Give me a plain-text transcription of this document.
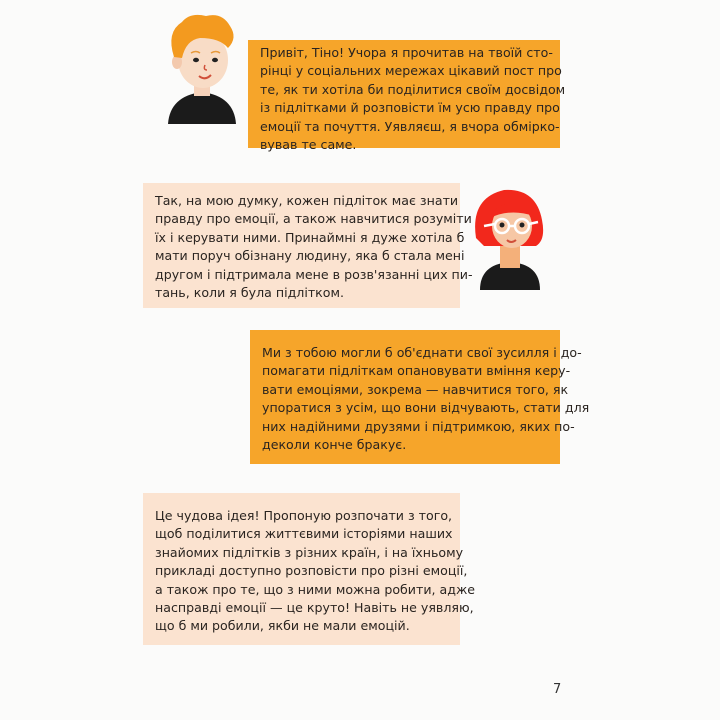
Привіт, Тіно! Учора я прочитав на твоїй сто-
рінці у соціальних мережах цікавий пост про
те, як ти хотіла би поділитися своїм досвідом
із підлітками й розповісти їм усю правду про
емоції та почуття. Уявляєш, я вчора обмірко-
вував те саме.
Так, на мою думку, кожен підліток має знати
правду про емоції, а також навчитися розуміти
їх і керувати ними. Принаймні я дуже хотіла б
мати поруч обізнану людину, яка б стала мені
другом і підтримала мене в розв'язанні цих пи-
тань, коли я була підлітком.
Ми з тобою могли б об'єднати свої зусилля і до-
помагати підліткам опановувати вміння керу-
вати емоціями, зокрема — навчитися того, як
упоратися з усім, що вони відчувають, стати для
них надійними друзями і підтримкою, яких по-
деколи конче бракує.
Це чудова ідея! Пропоную розпочати з того,
щоб поділитися життєвими історіями наших
знайомих підлітків з різних країн, і на їхньому
прикладі доступно розповісти про різні емоції,
а також про те, що з ними можна робити, адже
насправді емоції — це круто! Навіть не уявляю,
що б ми робили, якби не мали емоцій.
7
